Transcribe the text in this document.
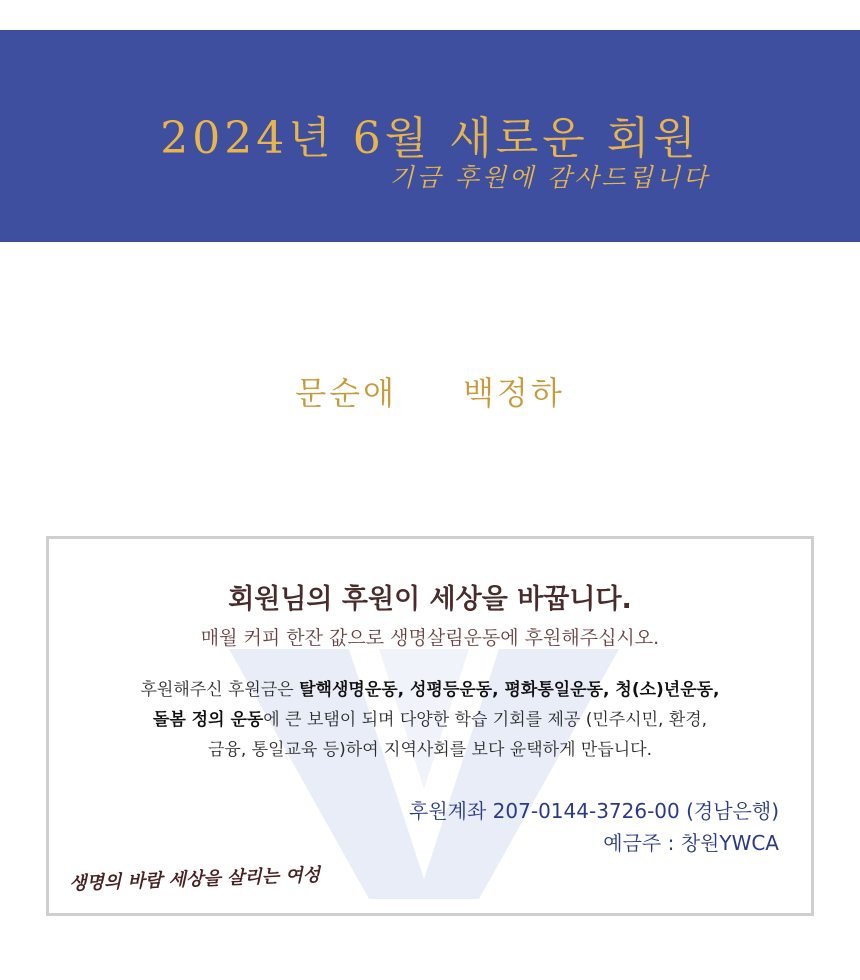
2024년 6월 새로운 회원
기금 후원에 감사드립니다
문순애 백정하
회원님의 후원이 세상을 바꿉니다.
매월 커피 한잔 값으로 생명살림운동에 후원해주십시오.
후원해주신 후원금은 탈핵생명운동, 성평등운동, 평화통일운동, 청(소)년운동,
돌봄 정의 운동에 큰 보탬이 되며 다양한 학습 기회를 제공 (민주시민, 환경,
금융, 통일교육 등)하여 지역사회를 보다 윤택하게 만듭니다.
후원계좌 207-0144-3726-00 (경남은행)
예금주 : 창원YWCA
생명의 바람 세상을 살리는 여성
